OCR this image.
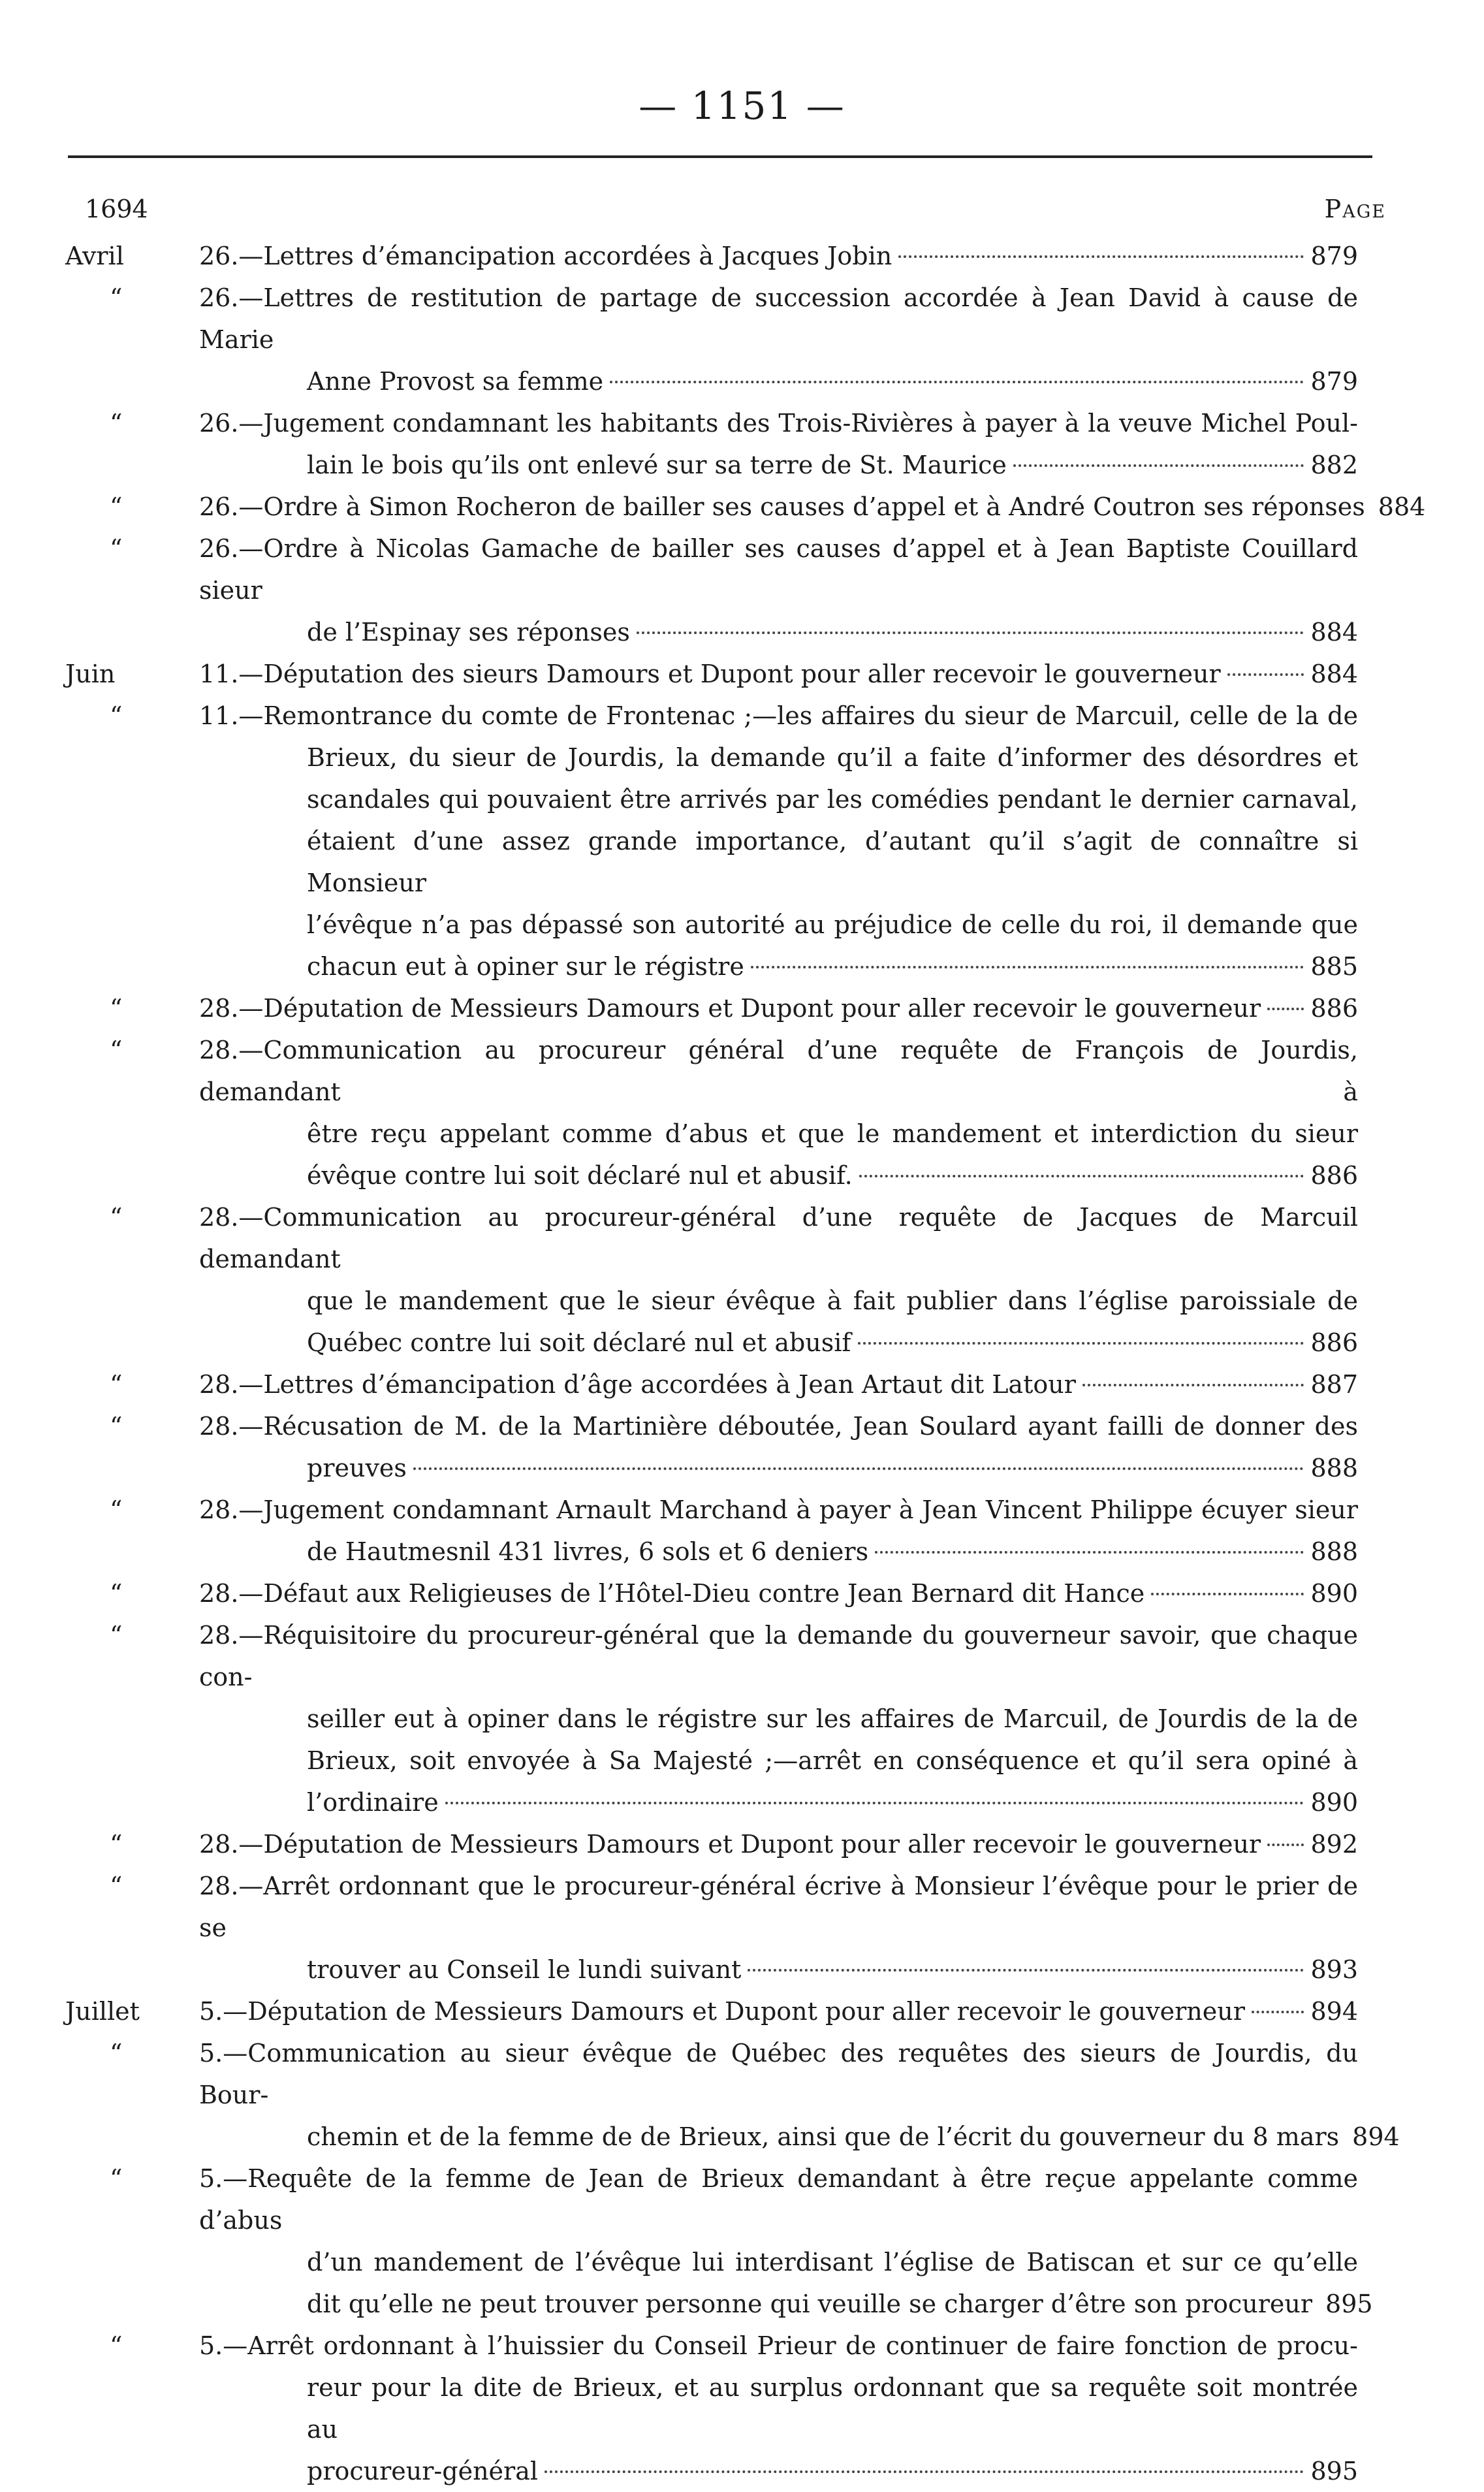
— 1151 —
1694	Page
Avril	26.—Lettres d’émancipation accordées à Jacques Jobin	879
“	26.—Lettres de restitution de partage de succession accordée à Jean David à cause de Marie
Anne Provost sa femme	879
“	26.—Jugement condamnant les habitants des Trois-Rivières à payer à la veuve Michel Poul-
lain le bois qu’ils ont enlevé sur sa terre de St. Maurice	882
“	26.—Ordre à Simon Rocheron de bailler ses causes d’appel et à André Coutron ses réponses 884
“	26.—Ordre à Nicolas Gamache de bailler ses causes d’appel et à Jean Baptiste Couillard sieur
de l’Espinay ses réponses	884
Juin	11.—Députation des sieurs Damours et Dupont pour aller recevoir le gouverneur	884
“	11.—Remontrance du comte de Frontenac ;—les affaires du sieur de Marcuil, celle de la de
Brieux, du sieur de Jourdis, la demande qu’il a faite d’informer des désordres et
scandales qui pouvaient être arrivés par les comédies pendant le dernier carnaval,
étaient d’une assez grande importance, d’autant qu’il s’agit de connaître si Monsieur
l’évêque n’a pas dépassé son autorité au préjudice de celle du roi, il demande que
chacun eut à opiner sur le régistre	885
“	28.—Députation de Messieurs Damours et Dupont pour aller recevoir le gouverneur 886
“	28.—Communication au procureur général d’une requête de François de Jourdis, demandant à
être reçu appelant comme d’abus et que le mandement et interdiction du sieur
évêque contre lui soit déclaré nul et abusif.	886
“	28.—Communication au procureur-général d’une requête de Jacques de Marcuil demandant
que le mandement que le sieur évêque à fait publier dans l’église paroissiale de
Québec contre lui soit déclaré nul et abusif	886
“	28.—Lettres d’émancipation d’âge accordées à Jean Artaut dit Latour	887
“	28.—Récusation de M. de la Martinière déboutée, Jean Soulard ayant failli de donner des
preuves	888
“	28.—Jugement condamnant Arnault Marchand à payer à Jean Vincent Philippe écuyer sieur
de Hautmesnil 431 livres, 6 sols et 6 deniers	888
“	28.—Défaut aux Religieuses de l’Hôtel-Dieu contre Jean Bernard dit Hance	890
“	28.—Réquisitoire du procureur-général que la demande du gouverneur savoir, que chaque con-
seiller eut à opiner dans le régistre sur les affaires de Marcuil, de Jourdis de la de
Brieux, soit envoyée à Sa Majesté ;—arrêt en conséquence et qu’il sera opiné à
l’ordinaire	890
“	28.—Députation de Messieurs Damours et Dupont pour aller recevoir le gouverneur 892
“	28.—Arrêt ordonnant que le procureur-général écrive à Monsieur l’évêque pour le prier de se
trouver au Conseil le lundi suivant	893
Juillet	5.—Députation de Messieurs Damours et Dupont pour aller recevoir le gouverneur	894
“	5.—Communication au sieur évêque de Québec des requêtes des sieurs de Jourdis, du Bour-
chemin et de la femme de de Brieux, ainsi que de l’écrit du gouverneur du 8 mars 894
“	5.—Requête de la femme de Jean de Brieux demandant à être reçue appelante comme d’abus
d’un mandement de l’évêque lui interdisant l’église de Batiscan et sur ce qu’elle
dit qu’elle ne peut trouver personne qui veuille se charger d’être son procureur 895
“	5.—Arrêt ordonnant à l’huissier du Conseil Prieur de continuer de faire fonction de procu-
reur pour la dite de Brieux, et au surplus ordonnant que sa requête soit montrée au
procureur-général	895
